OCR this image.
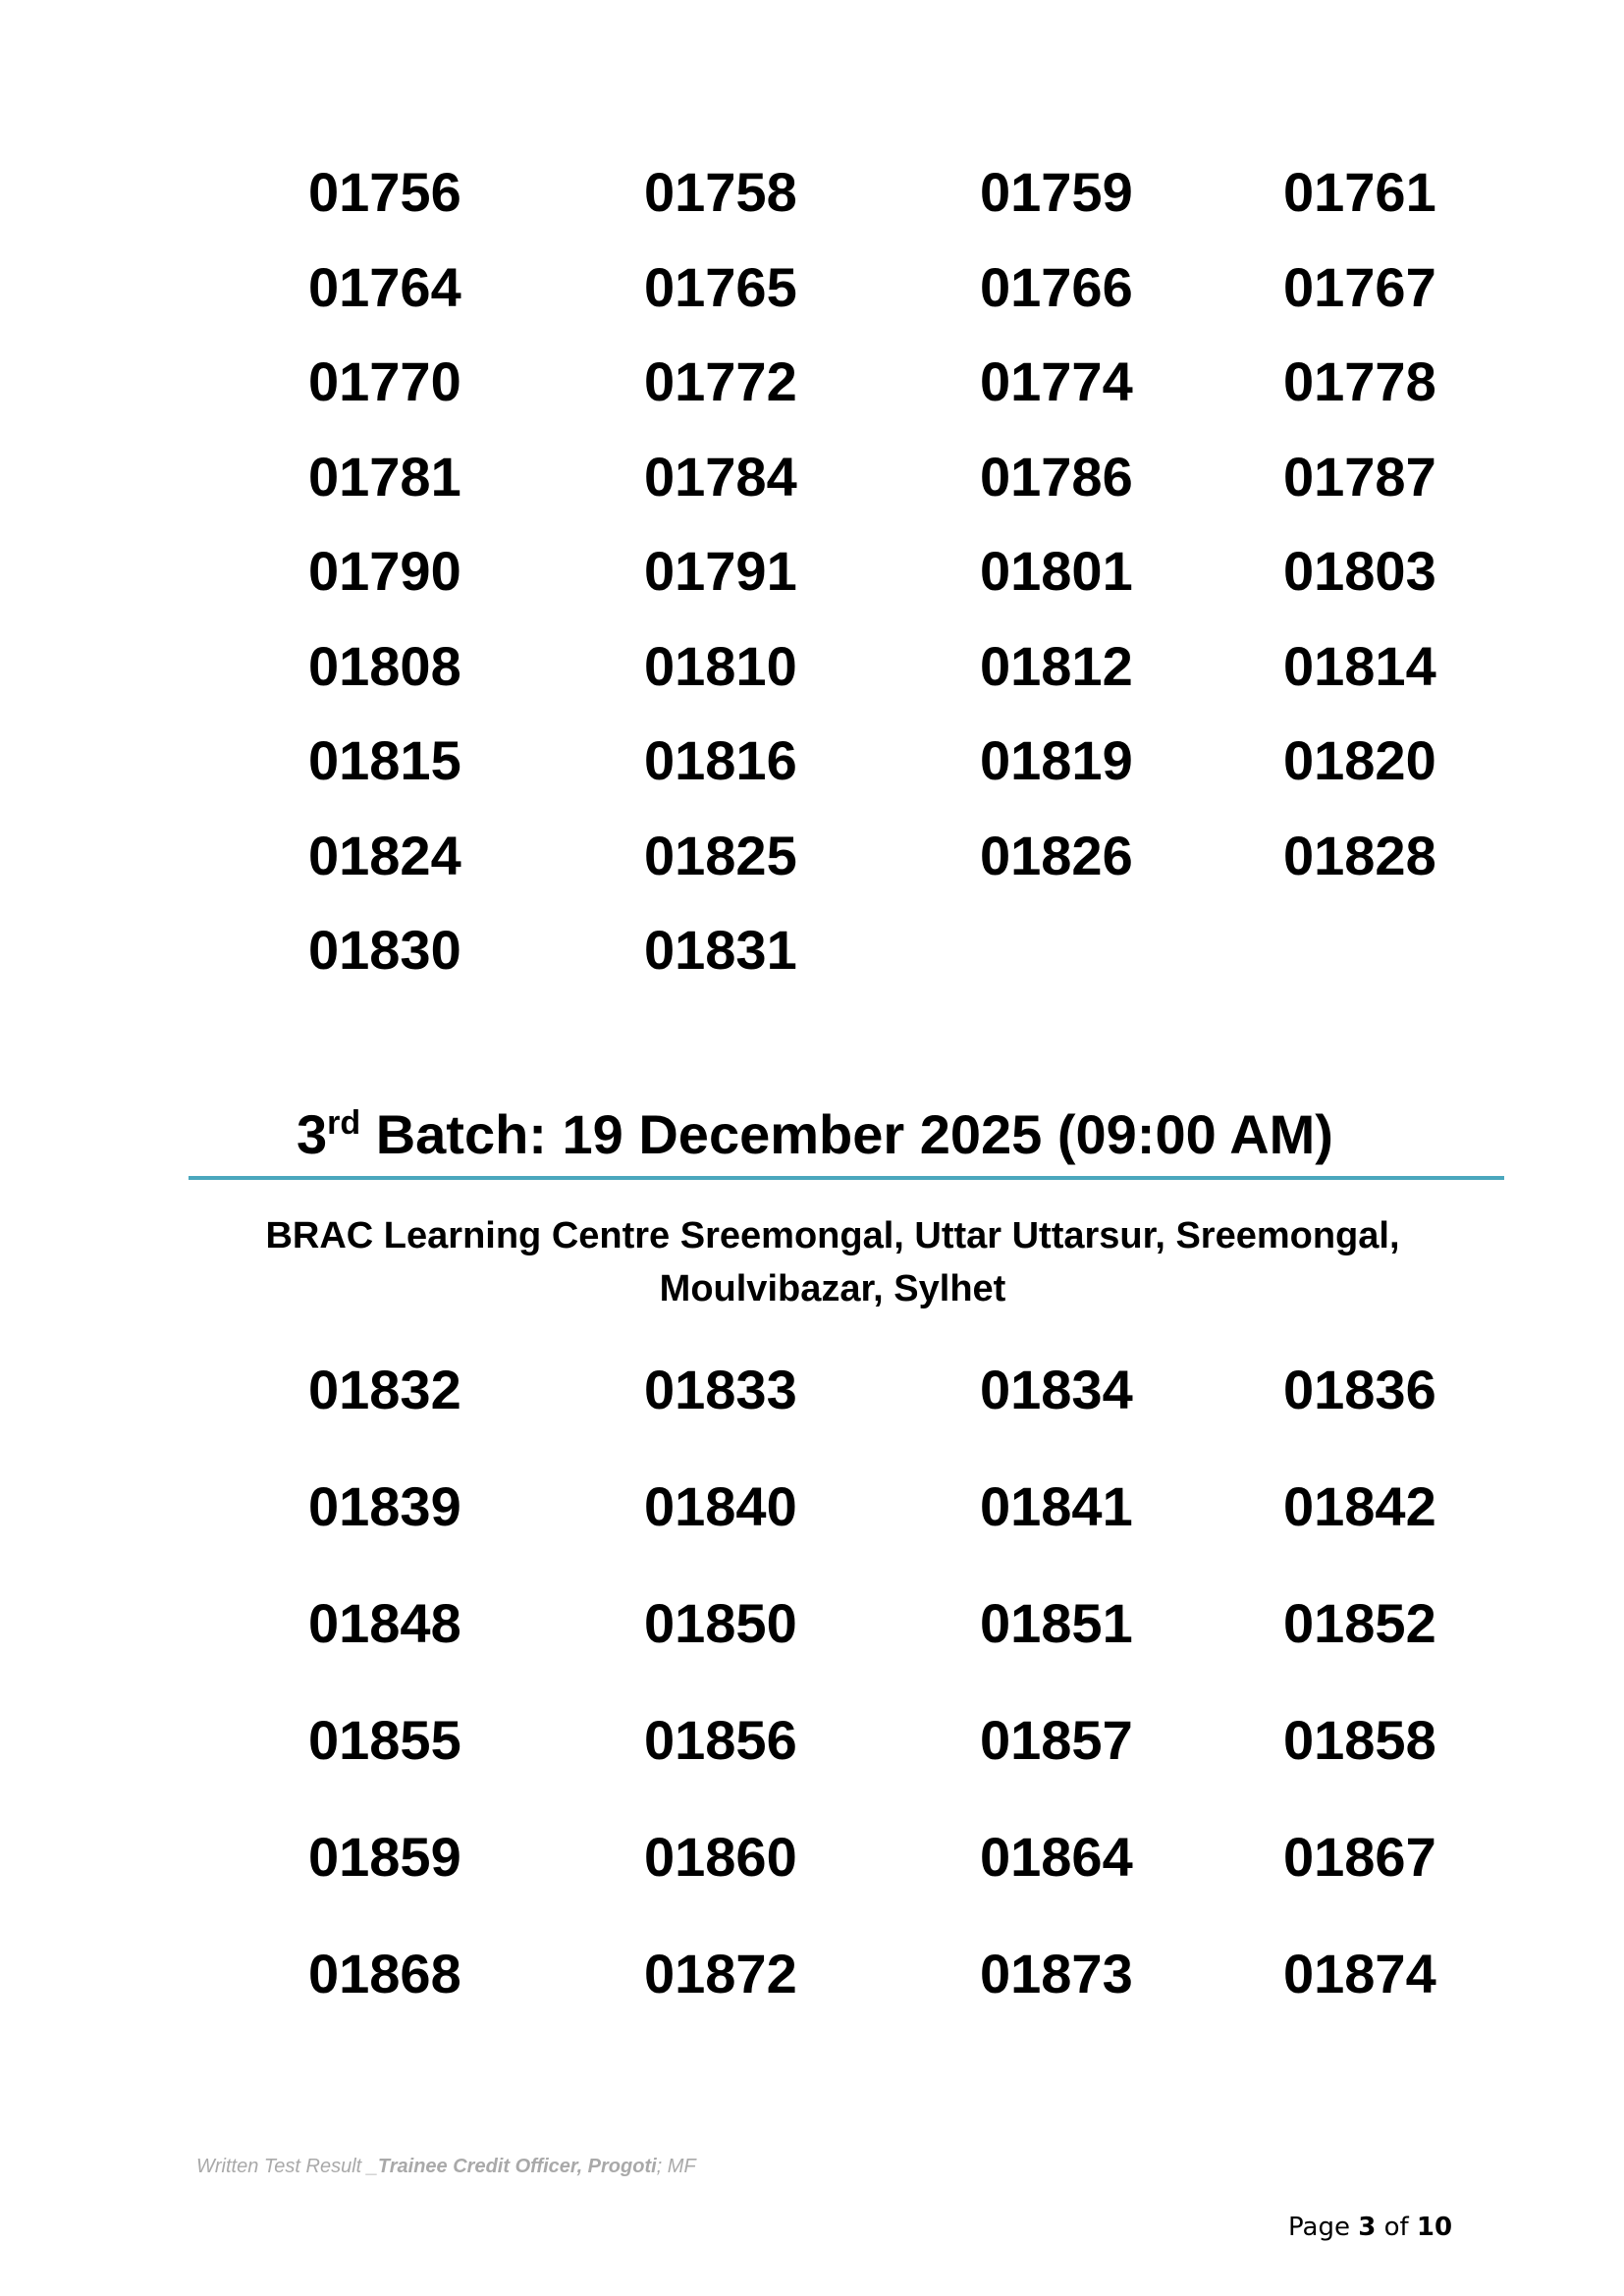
01756	01758	01759	01761
01764	01765	01766	01767
01770	01772	01774	01778
01781	01784	01786	01787
01790	01791	01801	01803
01808	01810	01812	01814
01815	01816	01819	01820
01824	01825	01826	01828
01830	01831
3rd Batch: 19 December 2025 (09:00 AM)
BRAC Learning Centre Sreemongal, Uttar Uttarsur, Sreemongal,
Moulvibazar, Sylhet
01832	01833	01834	01836
01839	01840	01841	01842
01848	01850	01851	01852
01855	01856	01857	01858
01859	01860	01864	01867
01868	01872	01873	01874
Written Test Result _Trainee Credit Officer, Progoti; MF
Page 3 of 10
